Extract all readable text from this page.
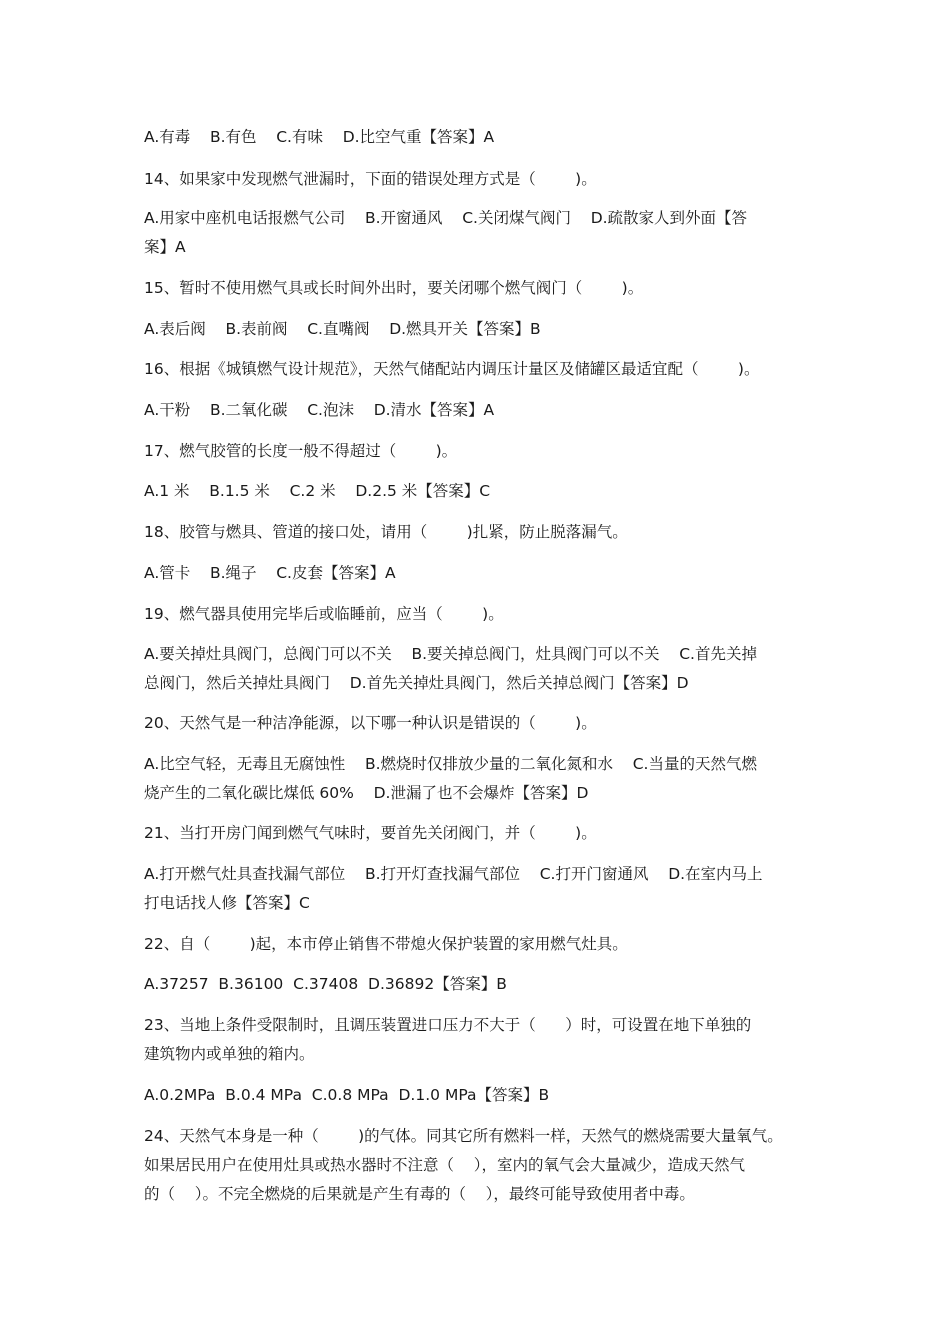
A.有毒    B.有色    C.有味    D.比空气重【答案】A
14、如果家中发现燃气泄漏时，下面的错误处理方式是（        )。
A.用家中座机电话报燃气公司    B.开窗通风    C.关闭煤气阀门    D.疏散家人到外面【答
案】A
15、暂时不使用燃气具或长时间外出时，要关闭哪个燃气阀门（        )。
A.表后阀    B.表前阀    C.直嘴阀    D.燃具开关【答案】B
16、根据《城镇燃气设计规范》，天然气储配站内调压计量区及储罐区最适宜配（        )。
A.干粉    B.二氧化碳    C.泡沫    D.清水【答案】A
17、燃气胶管的长度一般不得超过（        )。
A.1 米    B.1.5 米    C.2 米    D.2.5 米【答案】C
18、胶管与燃具、管道的接口处，请用（        )扎紧，防止脱落漏气。
A.管卡    B.绳子    C.皮套【答案】A
19、燃气器具使用完毕后或临睡前，应当（        )。
A.要关掉灶具阀门，总阀门可以不关    B.要关掉总阀门，灶具阀门可以不关    C.首先关掉
总阀门，然后关掉灶具阀门    D.首先关掉灶具阀门，然后关掉总阀门【答案】D
20、天然气是一种洁净能源，以下哪一种认识是错误的（        )。
A.比空气轻，无毒且无腐蚀性    B.燃烧时仅排放少量的二氧化氮和水    C.当量的天然气燃
烧产生的二氧化碳比煤低 60%    D.泄漏了也不会爆炸【答案】D
21、当打开房门闻到燃气气味时，要首先关闭阀门，并（        )。
A.打开燃气灶具查找漏气部位    B.打开灯查找漏气部位    C.打开门窗通风    D.在室内马上
打电话找人修【答案】C
22、自（        )起，本市停止销售不带熄火保护装置的家用燃气灶具。
A.37257  B.36100  C.37408  D.36892【答案】B
23、当地上条件受限制时，且调压装置进口压力不大于（      ）时，可设置在地下单独的
建筑物内或单独的箱内。
A.0.2MPa  B.0.4 MPa  C.0.8 MPa  D.1.0 MPa【答案】B
24、天然气本身是一种（        )的气体。同其它所有燃料一样，天然气的燃烧需要大量氧气。
如果居民用户在使用灶具或热水器时不注意（    ），室内的氧气会大量减少，造成天然气
的（    ）。不完全燃烧的后果就是产生有毒的（    ），最终可能导致使用者中毒。
